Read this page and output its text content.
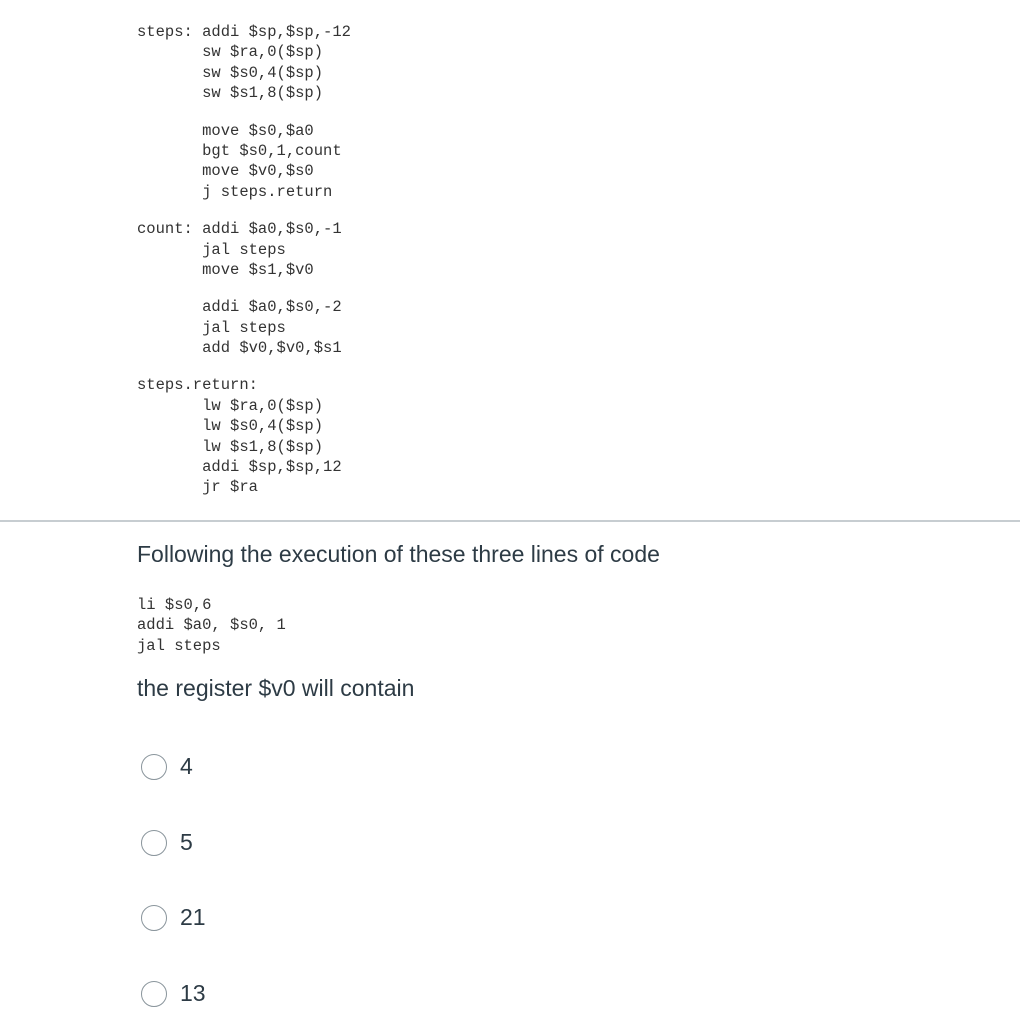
steps: addi $sp,$sp,-12
sw $ra,0($sp)
sw $s0,4($sp)
sw $s1,8($sp)
move $s0,$a0
bgt $s0,1,count
move $v0,$s0
j steps.return
count: addi $a0,$s0,-1
jal steps
move $s1,$v0
addi $a0,$s0,-2
jal steps
add $v0,$v0,$s1
steps.return:
lw $ra,0($sp)
lw $s0,4($sp)
lw $s1,8($sp)
addi $sp,$sp,12
jr $ra
Following the execution of these three lines of code
li $s0,6
addi $a0, $s0, 1
jal steps
the register $v0 will contain
4
5
21
13
